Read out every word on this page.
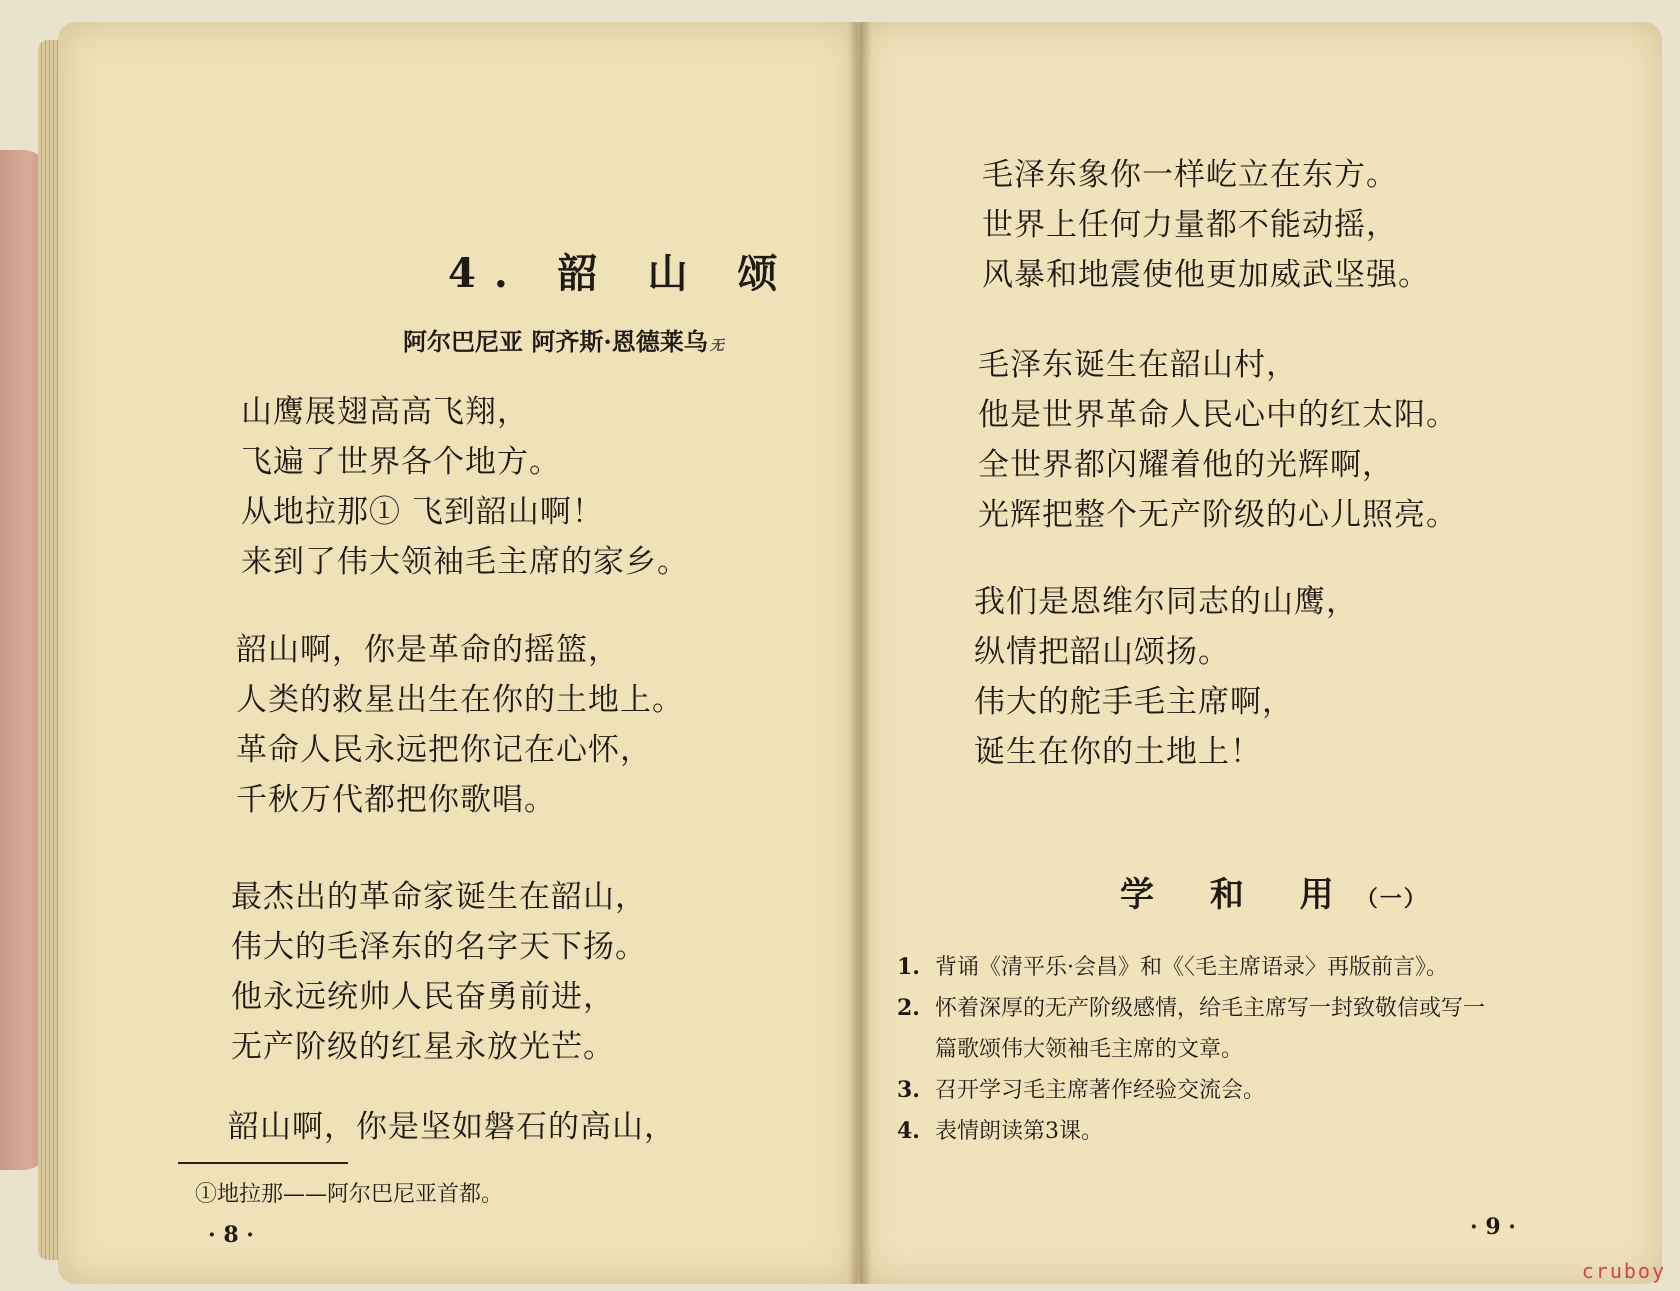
4. 韶 山 颂
阿尔巴尼亚 阿齐斯·恩德莱乌 无
山鹰展翅高高飞翔，
飞遍了世界各个地方。
从地拉那① 飞到韶山啊！
来到了伟大领袖毛主席的家乡。
韶山啊，你是革命的摇篮，
人类的救星出生在你的土地上。
革命人民永远把你记在心怀，
千秋万代都把你歌唱。
最杰出的革命家诞生在韶山，
伟大的毛泽东的名字天下扬。
他永远统帅人民奋勇前进，
无产阶级的红星永放光芒。
韶山啊，你是坚如磐石的高山，
①地拉那——阿尔巴尼亚首都。
· 8 ·
毛泽东象你一样屹立在东方。
世界上任何力量都不能动摇，
风暴和地震使他更加威武坚强。
毛泽东诞生在韶山村，
他是世界革命人民心中的红太阳。
全世界都闪耀着他的光辉啊，
光辉把整个无产阶级的心儿照亮。
我们是恩维尔同志的山鹰，
纵情把韶山颂扬。
伟大的舵手毛主席啊，
诞生在你的土地上！
学 和 用（一）
1. 背诵《清平乐·会昌》和《〈毛主席语录〉再版前言》。
2. 怀着深厚的无产阶级感情，给毛主席写一封致敬信或写一
篇歌颂伟大领袖毛主席的文章。
3. 召开学习毛主席著作经验交流会。
4. 表情朗读第3课。
· 9 ·
cruboy
